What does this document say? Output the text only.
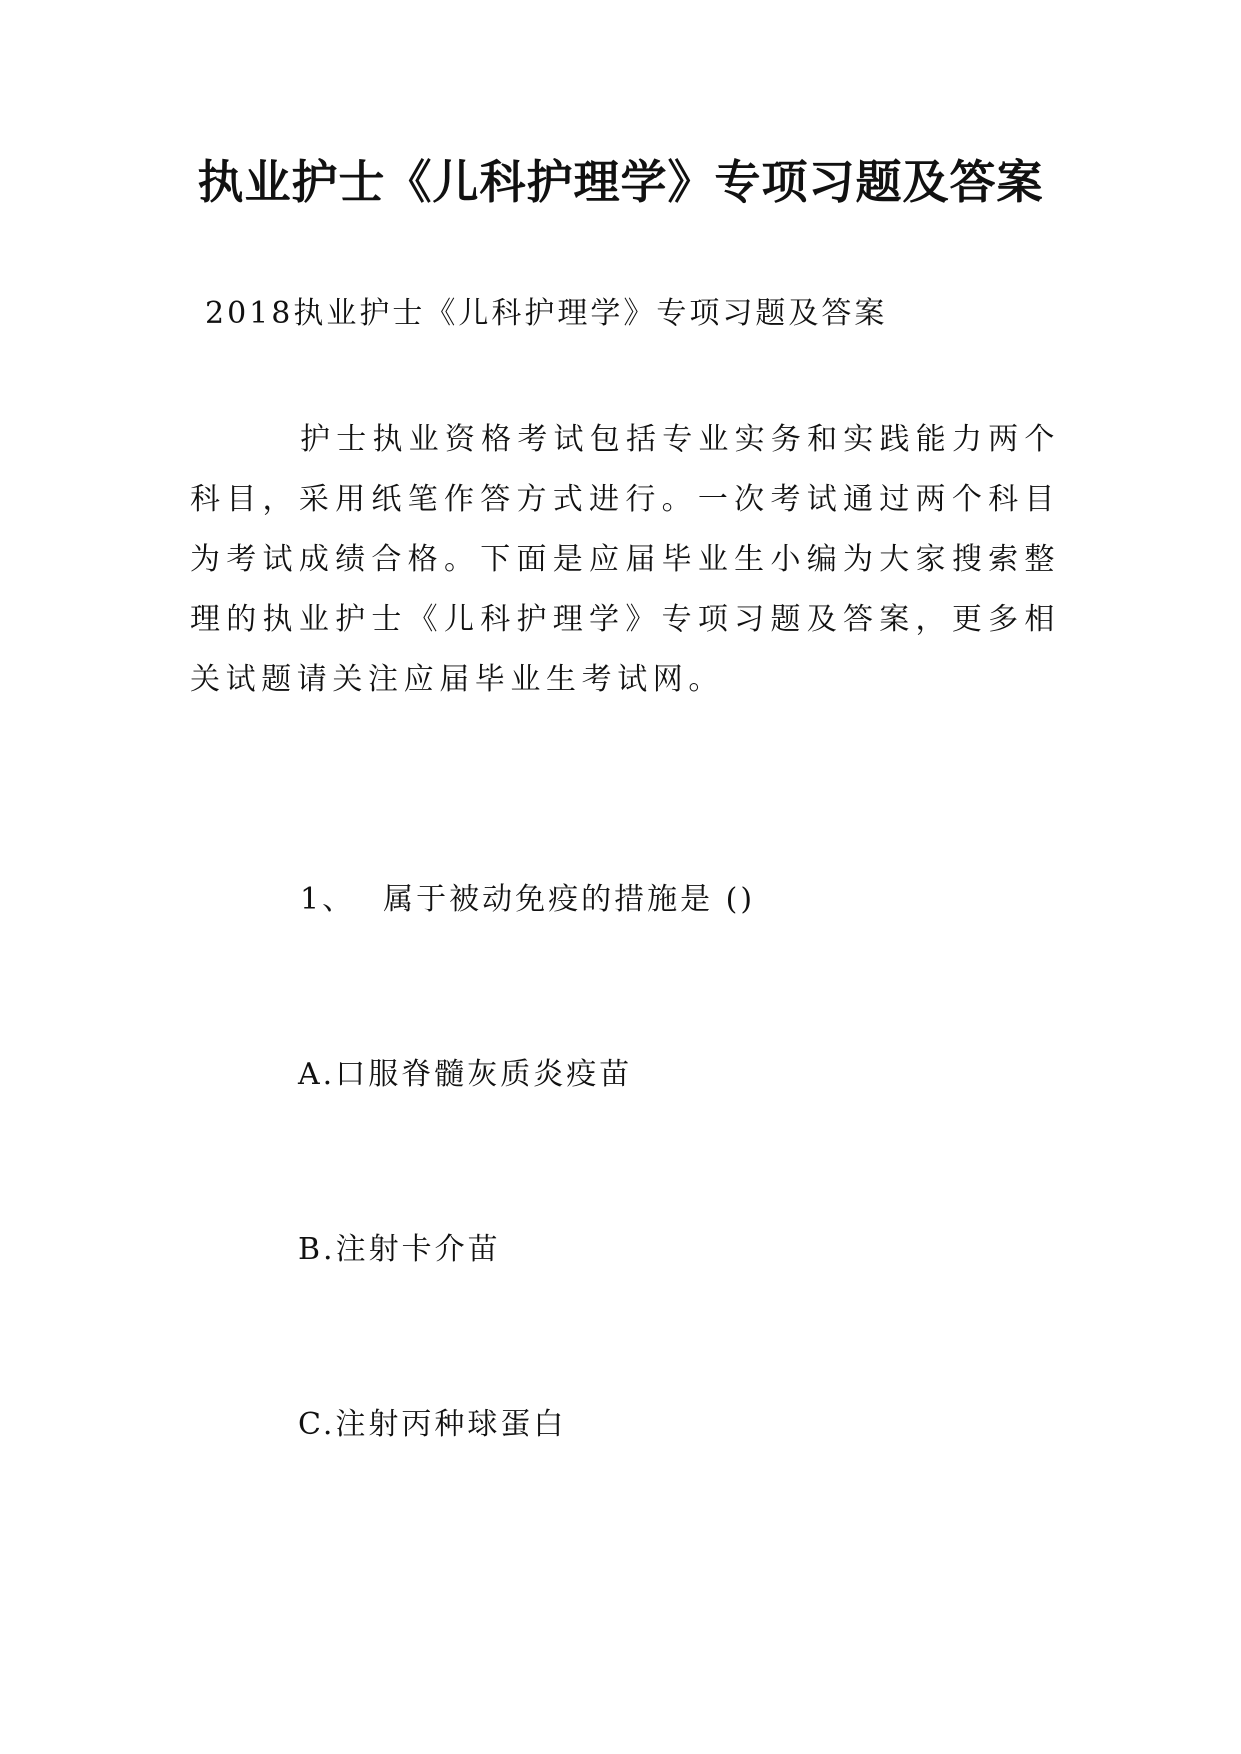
执业护士《儿科护理学》专项习题及答案

2018执业护士《儿科护理学》专项习题及答案

护士执业资格考试包括专业实务和实践能力两个科目，采用纸笔作答方式进行。一次考试通过两个科目为考试成绩合格。下面是应届毕业生小编为大家搜索整理的执业护士《儿科护理学》专项习题及答案，更多相关试题请关注应届毕业生考试网。

1、 属于被动免疫的措施是 ()

A.口服脊髓灰质炎疫苗

B.注射卡介苗

C.注射丙种球蛋白
